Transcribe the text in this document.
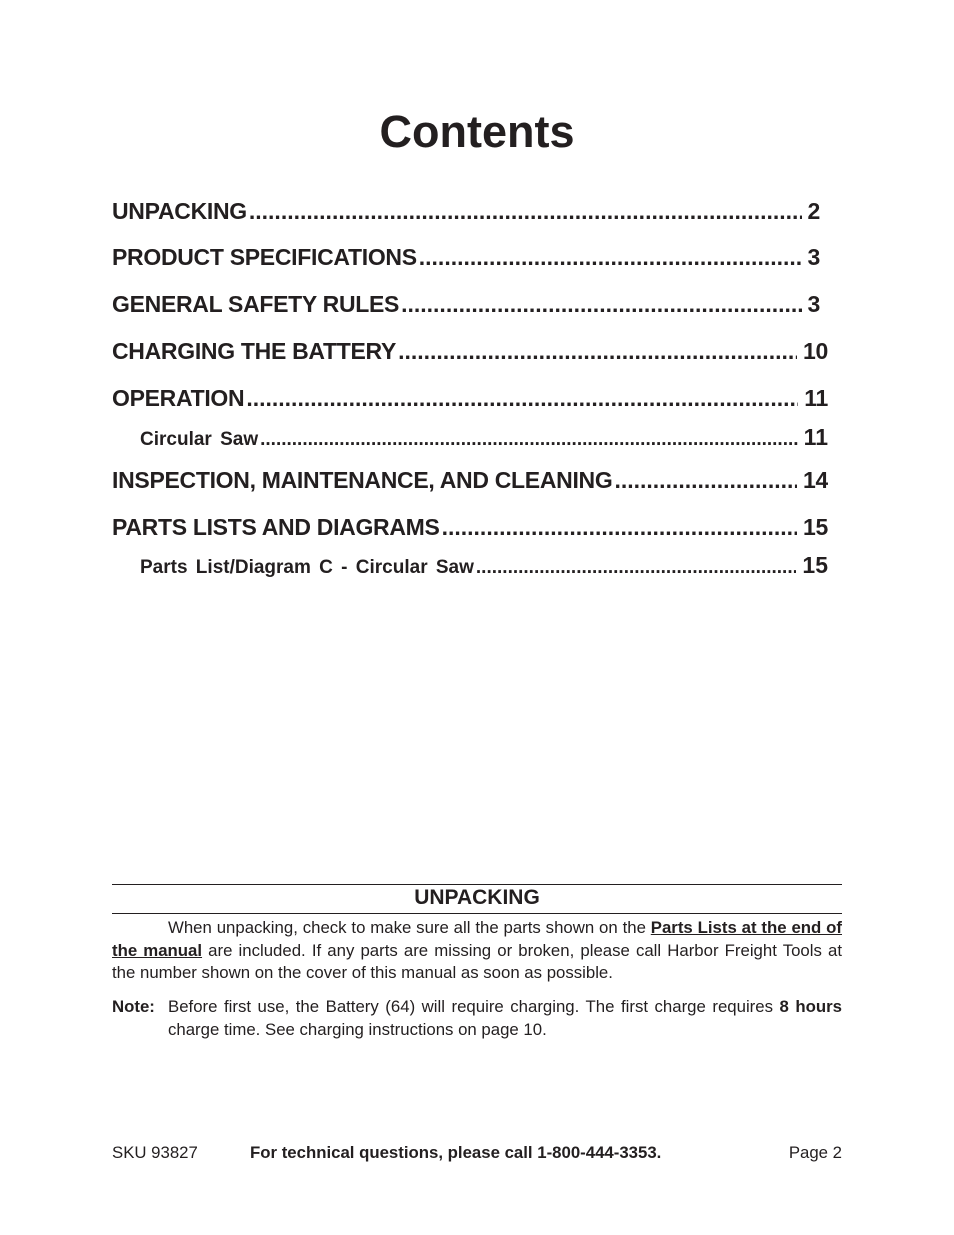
Contents
UNPACKING .....	2
PRODUCT SPECIFICATIONS .....	3
GENERAL SAFETY RULES .....	3
CHARGING THE BATTERY .....	10
OPERATION .....	11
Circular Saw .....	11
INSPECTION, MAINTENANCE, AND CLEANING .....	14
PARTS LISTS AND DIAGRAMS .....	15
Parts List/Diagram C - Circular Saw .....	15
UNPACKING

When unpacking, check to make sure all the parts shown on the Parts Lists at the end of the manual are included. If any parts are missing or broken, please call Harbor Freight Tools at the number shown on the cover of this manual as soon as possible.

Note: Before first use, the Battery (64) will require charging. The first charge requires 8 hours charge time. See charging instructions on page 10.

SKU 93827	For technical questions, please call 1-800-444-3353.	Page 2
